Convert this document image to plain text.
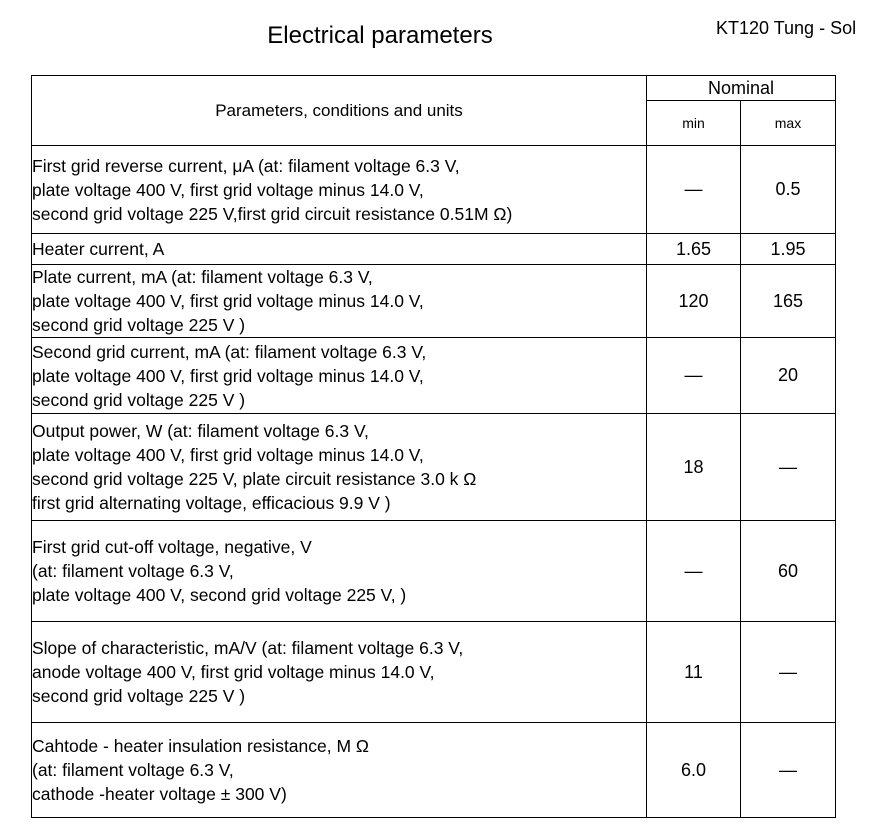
Electrical parameters	KT120 Tung - Sol
Parameters, conditions and units	Nominal	
	min	max

First grid reverse current, μA (at: filament voltage 6.3 V,
plate voltage 400 V, first grid voltage minus 14.0 V,
second grid voltage 225 V,first grid circuit resistance 0.51M Ω)	—	0.5

Heater current, A	1.65	1.95

Plate current, mA (at: filament voltage 6.3 V,
plate voltage 400 V, first grid voltage minus 14.0 V,
second grid voltage 225 V )	120	165

Second grid current, mA (at: filament voltage 6.3 V,
plate voltage 400 V, first grid voltage minus 14.0 V,
second grid voltage 225 V )	—	20

Output power, W (at: filament voltage 6.3 V,
plate voltage 400 V, first grid voltage minus 14.0 V,
second grid voltage 225 V, plate circuit resistance 3.0 k Ω
first grid alternating voltage, efficacious 9.9 V )	18	—

First grid cut-off voltage, negative, V
(at: filament voltage 6.3 V,
plate voltage 400 V, second grid voltage 225 V, )	—	60

Slope of characteristic, mA/V (at: filament voltage 6.3 V,
anode voltage 400 V, first grid voltage minus 14.0 V,
second grid voltage 225 V )	11	—

Cahtode - heater insulation resistance, M Ω
(at: filament voltage 6.3 V,
cathode -heater voltage ± 300 V)	6.0	—
